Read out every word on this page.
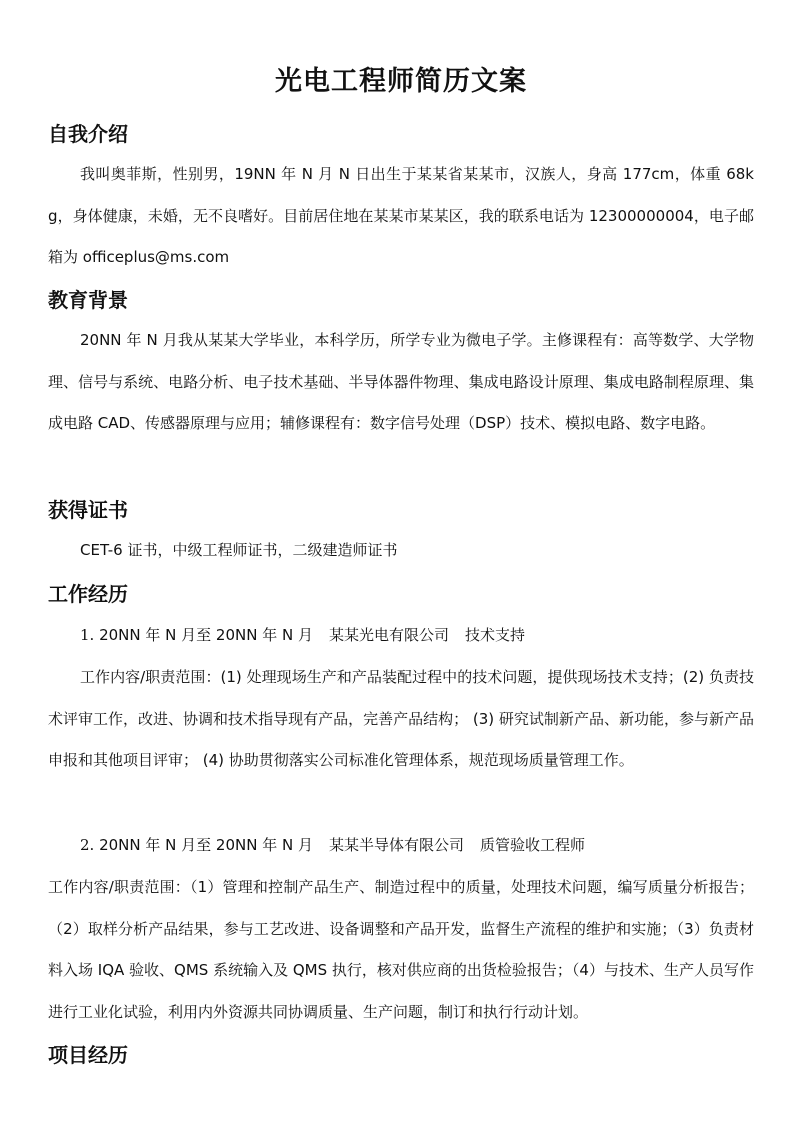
光电工程师简历文案
自我介绍
我叫奥菲斯，性别男，19NN 年 N 月 N 日出生于某某省某某市，汉族人，身高 177cm，体重 68kg，身体健康，未婚，无不良嗜好。目前居住地在某某市某某区，我的联系电话为 12300000004，电子邮箱为 officeplus@ms.com
教育背景
20NN 年 N 月我从某某大学毕业，本科学历，所学专业为微电子学。主修课程有：高等数学、大学物理、信号与系统、电路分析、电子技术基础、半导体器件物理、集成电路设计原理、集成电路制程原理、集成电路 CAD、传感器原理与应用；辅修课程有：数字信号处理（DSP）技术、模拟电路、数字电路。
获得证书
CET-6 证书，中级工程师证书，二级建造师证书
工作经历
1. 20NN 年 N 月至 20NN 年 N 月 某某光电有限公司 技术支持
工作内容/职责范围：(1) 处理现场生产和产品装配过程中的技术问题，提供现场技术支持；(2) 负责技术评审工作，改进、协调和技术指导现有产品，完善产品结构； (3) 研究试制新产品、新功能，参与新产品申报和其他项目评审； (4) 协助贯彻落实公司标准化管理体系，规范现场质量管理工作。
2. 20NN 年 N 月至 20NN 年 N 月 某某半导体有限公司 质管验收工程师
工作内容/职责范围：（1）管理和控制产品生产、制造过程中的质量，处理技术问题，编写质量分析报告；（2）取样分析产品结果，参与工艺改进、设备调整和产品开发，监督生产流程的维护和实施；（3）负责材料入场 IQA 验收、QMS 系统输入及 QMS 执行，核对供应商的出货检验报告；（4）与技术、生产人员写作进行工业化试验，利用内外资源共同协调质量、生产问题，制订和执行行动计划。
项目经历
